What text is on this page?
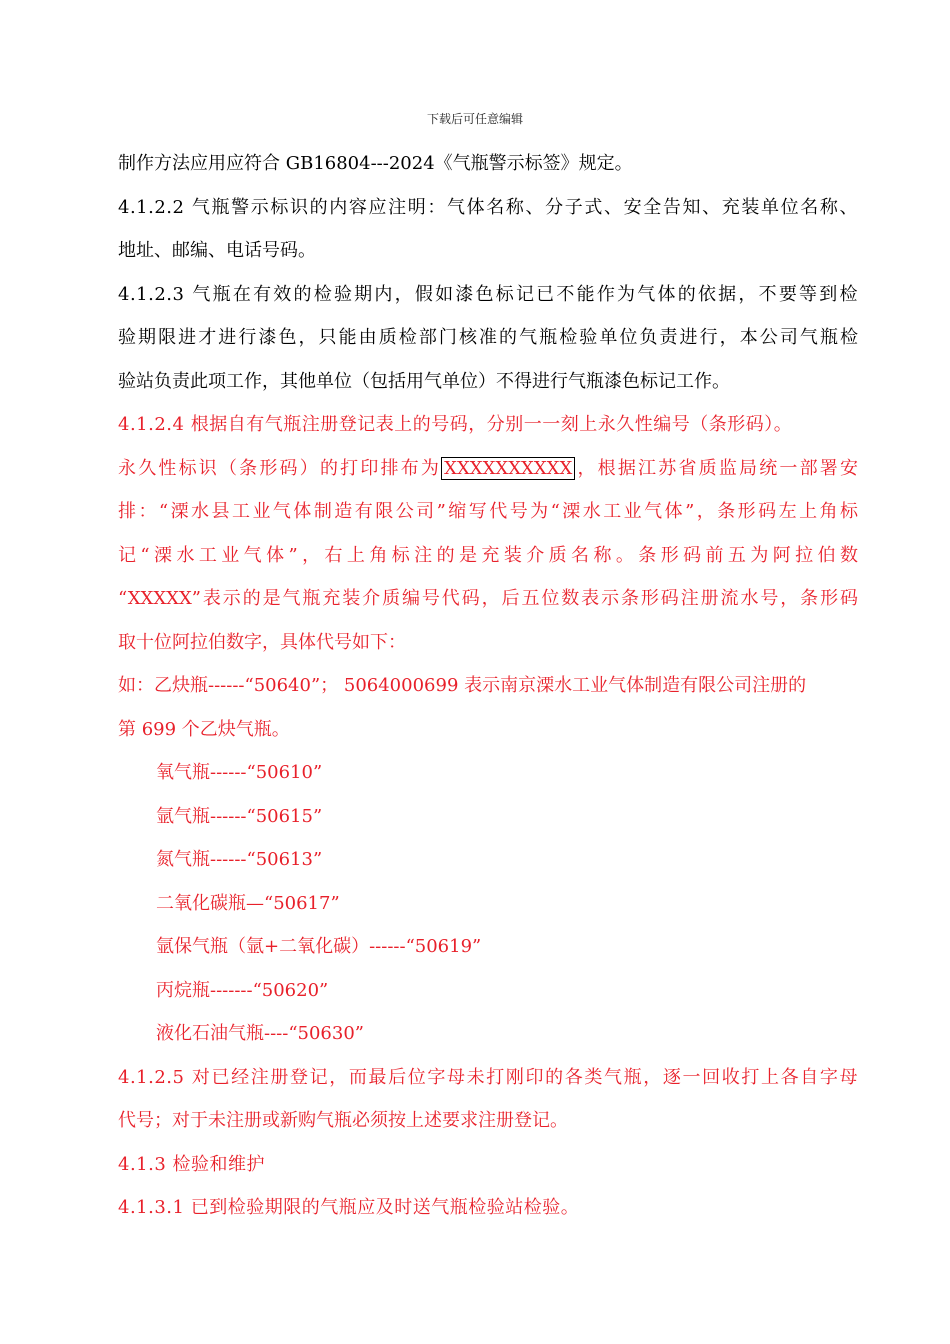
下载后可任意编辑
制作方法应用应符合 GB16804---2024《气瓶警示标签》规定。
4.1.2.2 气瓶警示标识的内容应注明：气体名称、分子式、安全告知、充装单位名称、
地址、邮编、电话号码。
4.1.2.3 气瓶在有效的检验期内，假如漆色标记已不能作为气体的依据，不要等到检
验期限进才进行漆色，只能由质检部门核准的气瓶检验单位负责进行，本公司气瓶检
验站负责此项工作，其他单位（包括用气单位）不得进行气瓶漆色标记工作。
4.1.2.4 根据自有气瓶注册登记表上的号码，分别一一刻上永久性编号（条形码）。
永久性标识（条形码）的打印排布为 XXXXXXXXXX ，根据江苏省质监局统一部署安
排：“溧水县工业气体制造有限公司”缩写代号为“溧水工业气体”，条形码左上角标
记“溧水工业气体”，右上角标注的是充装介质名称。条形码前五为阿拉伯数
“XXXXX”表示的是气瓶充装介质编号代码，后五位数表示条形码注册流水号，条形码
取十位阿拉伯数字，具体代号如下：
如：乙炔瓶------“50640”； 5064000699 表示南京溧水工业气体制造有限公司注册的
第 699 个乙炔气瓶。
氧气瓶------“50610”
氩气瓶------“50615”
氮气瓶------“50613”
二氧化碳瓶—“50617”
氩保气瓶（氩+二氧化碳）------“50619”
丙烷瓶-------“50620”
液化石油气瓶----“50630”
4.1.2.5 对已经注册登记，而最后位字母未打刚印的各类气瓶，逐一回收打上各自字母
代号；对于未注册或新购气瓶必须按上述要求注册登记。
4.1.3 检验和维护
4.1.3.1 已到检验期限的气瓶应及时送气瓶检验站检验。
